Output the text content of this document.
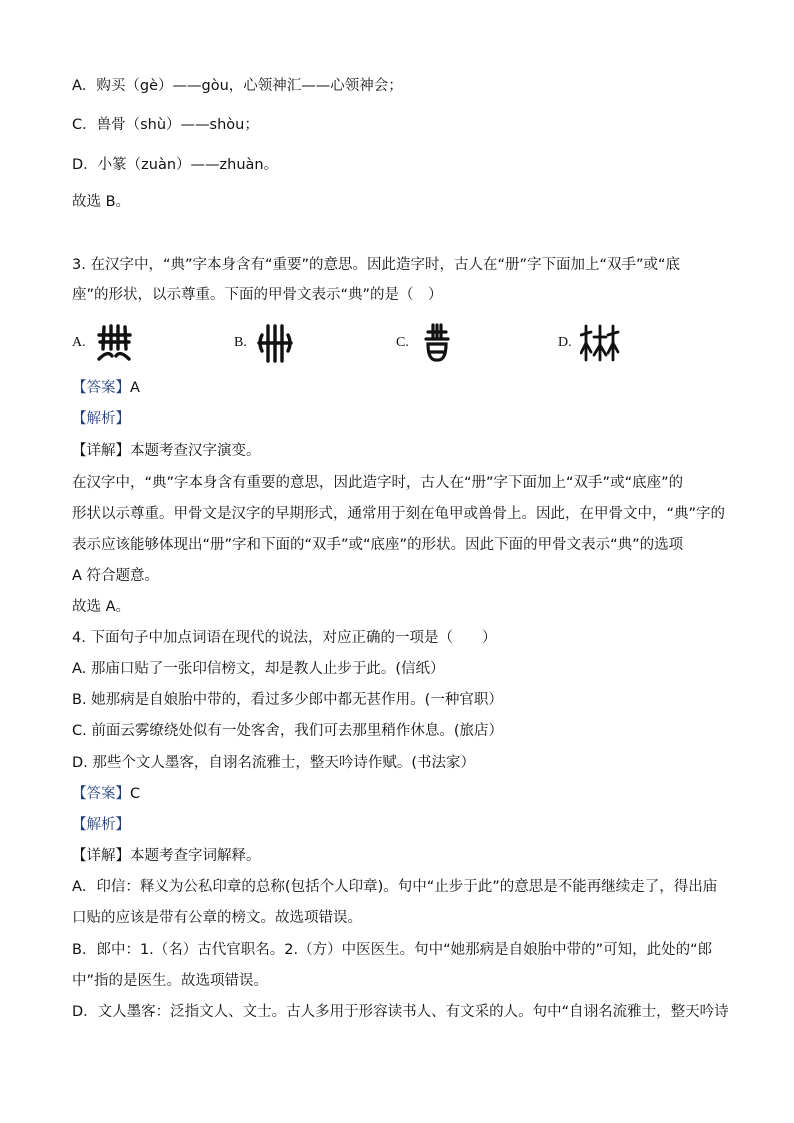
A．购买（gè）——gòu，心领神汇——心领神会；
C．兽骨（shù）——shòu；
D．小篆（zuàn）——zhuàn。
故选 B。
3. 在汉字中，“典”字本身含有“重要”的意思。因此造字时，古人在“册”字下面加上“双手”或“底
座”的形状，以示尊重。下面的甲骨文表示“典”的是（　）
A.	B.	C.	D.
【答案】A
【解析】
【详解】本题考查汉字演变。
在汉字中，“典”字本身含有重要的意思，因此造字时，古人在“册”字下面加上“双手”或“底座”的
形状以示尊重。甲骨文是汉字的早期形式，通常用于刻在龟甲或兽骨上。因此，在甲骨文中，“典”字的
表示应该能够体现出“册”字和下面的“双手”或“底座”的形状。因此下面的甲骨文表示“典”的选项
A 符合题意。
故选 A。
4. 下面句子中加点词语在现代的说法，对应正确的一项是（　　）
A. 那庙口贴了一张印信榜文，却是教人止步于此。(信纸）
B. 她那病是自娘胎中带的，看过多少郎中都无甚作用。(一种官职）
C. 前面云雾缭绕处似有一处客舍，我们可去那里稍作休息。(旅店）
D. 那些个文人墨客，自诩名流雅士，整天吟诗作赋。(书法家）
【答案】C
【解析】
【详解】本题考查字词解释。
A．印信：释义为公私印章的总称(包括个人印章)。句中“止步于此”的意思是不能再继续走了，得出庙
口贴的应该是带有公章的榜文。故选项错误。
B．郎中：1.（名）古代官职名。2.（方）中医医生。句中“她那病是自娘胎中带的”可知，此处的“郎
中”指的是医生。故选项错误。
D．文人墨客：泛指文人、文士。古人多用于形容读书人、有文采的人。句中“自诩名流雅士，整天吟诗
